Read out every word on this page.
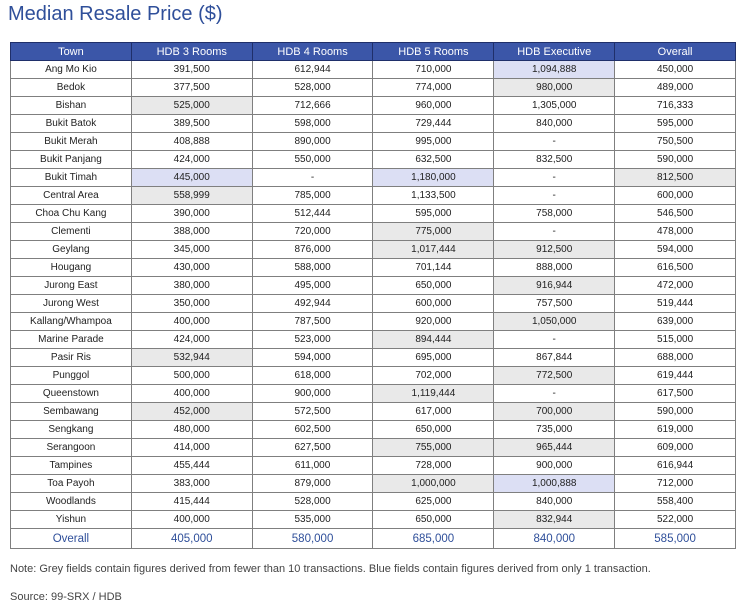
Median Resale Price ($)
Town	HDB 3 Rooms	HDB 4 Rooms	HDB 5 Rooms	HDB Executive	Overall
Ang Mo Kio	391,500	612,944	710,000	1,094,888	450,000
Bedok	377,500	528,000	774,000	980,000	489,000
Bishan	525,000	712,666	960,000	1,305,000	716,333
Bukit Batok	389,500	598,000	729,444	840,000	595,000
Bukit Merah	408,888	890,000	995,000	-	750,500
Bukit Panjang	424,000	550,000	632,500	832,500	590,000
Bukit Timah	445,000	-	1,180,000	-	812,500
Central Area	558,999	785,000	1,133,500	-	600,000
Choa Chu Kang	390,000	512,444	595,000	758,000	546,500
Clementi	388,000	720,000	775,000	-	478,000
Geylang	345,000	876,000	1,017,444	912,500	594,000
Hougang	430,000	588,000	701,144	888,000	616,500
Jurong East	380,000	495,000	650,000	916,944	472,000
Jurong West	350,000	492,944	600,000	757,500	519,444
Kallang/Whampoa	400,000	787,500	920,000	1,050,000	639,000
Marine Parade	424,000	523,000	894,444	-	515,000
Pasir Ris	532,944	594,000	695,000	867,844	688,000
Punggol	500,000	618,000	702,000	772,500	619,444
Queenstown	400,000	900,000	1,119,444	-	617,500
Sembawang	452,000	572,500	617,000	700,000	590,000
Sengkang	480,000	602,500	650,000	735,000	619,000
Serangoon	414,000	627,500	755,000	965,444	609,000
Tampines	455,444	611,000	728,000	900,000	616,944
Toa Payoh	383,000	879,000	1,000,000	1,000,888	712,000
Woodlands	415,444	528,000	625,000	840,000	558,400
Yishun	400,000	535,000	650,000	832,944	522,000
Overall	405,000	580,000	685,000	840,000	585,000
Note: Grey fields contain figures derived from fewer than 10 transactions. Blue fields contain figures derived from only 1 transaction.
Source: 99-SRX / HDB
